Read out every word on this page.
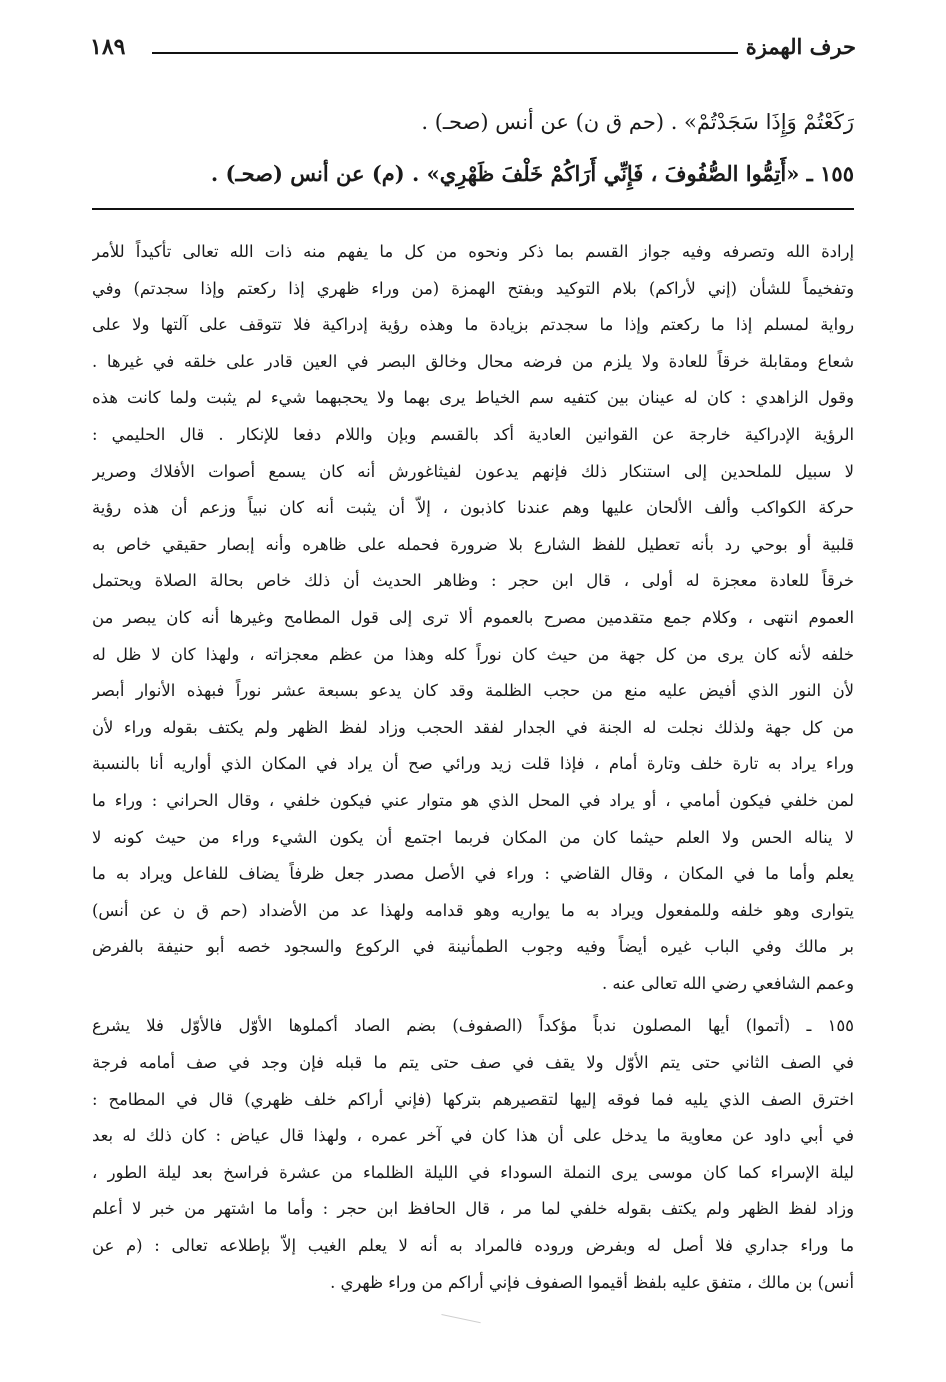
حرف الهمزة
١٨٩

رَكَعْتُمْ وَإِذَا سَجَدْتُمْ» . (حم ق ن) عن أنس (صحـ) .

١٥٥ ـ «أَتِمُّوا الصُّفُوفَ ، فَإِنِّي أَرَاكُمْ خَلْفَ ظَهْرِي» . (م) عن أنس (صحـ) .

إرادة الله وتصرفه وفيه جواز القسم بما ذكر ونحوه من كل ما يفهم منه ذات الله تعالى تأكيداً للأمر

وتفخيماً للشأن (إني لأراكم) بلام التوكيد وبفتح الهمزة (من وراء ظهري إذا ركعتم وإذا سجدتم) وفي

رواية لمسلم إذا ما ركعتم وإذا ما سجدتم بزيادة ما وهذه رؤية إدراكية فلا تتوقف على آلتها ولا على

شعاع ومقابلة خرقاً للعادة ولا يلزم من فرضه محال وخالق البصر في العين قادر على خلقه في غيرها .

وقول الزاهدي : كان له عينان بين كتفيه سم الخياط يرى بهما ولا يحجبهما شيء لم يثبت ولما كانت هذه

الرؤية الإدراكية خارجة عن القوانين العادية أكد بالقسم وبإن واللام دفعا للإنكار . قال الحليمي :

لا سبيل للملحدين إلى استنكار ذلك فإنهم يدعون لفيثاغورش أنه كان يسمع أصوات الأفلاك وصرير

حركة الكواكب وألف الألحان عليها وهم عندنا كاذبون ، إلاّ أن يثبت أنه كان نبياً وزعم أن هذه رؤية

قلبية أو بوحي رد بأنه تعطيل للفظ الشارع بلا ضرورة فحمله على ظاهره وأنه إبصار حقيقي خاص به

خرقاً للعادة معجزة له أولى ، قال ابن حجر : وظاهر الحديث أن ذلك خاص بحالة الصلاة ويحتمل

العموم انتهى ، وكلام جمع متقدمين مصرح بالعموم ألا ترى إلى قول المطامح وغيرها أنه كان يبصر من

خلفه لأنه كان يرى من كل جهة من حيث كان نوراً كله وهذا من عظم معجزاته ، ولهذا كان لا ظل له

لأن النور الذي أفيض عليه منع من حجب الظلمة وقد كان يدعو بسبعة عشر نوراً فبهذه الأنوار أبصر

من كل جهة ولذلك نجلت له الجنة في الجدار لفقد الحجب وزاد لفظ الظهر ولم يكتف بقوله وراء لأن

وراء يراد به تارة خلف وتارة أمام ، فإذا قلت زيد ورائي صح أن يراد في المكان الذي أواريه أنا بالنسبة

لمن خلفي فيكون أمامي ، أو يراد في المحل الذي هو متوار عني فيكون خلفي ، وقال الحراني : وراء ما

لا يناله الحس ولا العلم حيثما كان من المكان فربما اجتمع أن يكون الشيء وراء من حيث كونه لا

يعلم وأما ما في المكان ، وقال القاضي : وراء في الأصل مصدر جعل ظرفاً يضاف للفاعل ويراد به ما

يتوارى وهو خلفه وللمفعول ويراد به ما يواريه وهو قدامه ولهذا عد من الأضداد (حم ق ن عن أنس)

بر مالك وفي الباب غيره أيضاً وفيه وجوب الطمأنينة في الركوع والسجود خصه أبو حنيفة بالفرض

وعمم الشافعي رضي الله تعالى عنه .

١٥٥ ـ (أتموا) أيها المصلون ندباً مؤكداً (الصفوف) بضم الصاد أكملوها الأوّل فالأوّل فلا يشرع

في الصف الثاني حتى يتم الأوّل ولا يقف في صف حتى يتم ما قبله فإن وجد في صف أمامه فرجة

اخترق الصف الذي يليه فما فوقه إليها لتقصيرهم بتركها (فإني أراكم خلف ظهري) قال في المطامح :

في أبي داود عن معاوية ما يدخل على أن هذا كان في آخر عمره ، ولهذا قال عياض : كان ذلك له بعد

ليلة الإسراء كما كان موسى يرى النملة السوداء في الليلة الظلماء من عشرة فراسخ بعد ليلة الطور ،

وزاد لفظ الظهر ولم يكتف بقوله خلفي لما مر ، قال الحافظ ابن حجر : وأما ما اشتهر من خبر لا أعلم

ما وراء جداري فلا أصل له وبفرض وروده فالمراد به أنه لا يعلم الغيب إلاّ بإطلاعه تعالى : (م عن

أنس) بن مالك ، متفق عليه بلفظ أقيموا الصفوف فإني أراكم من وراء ظهري .
